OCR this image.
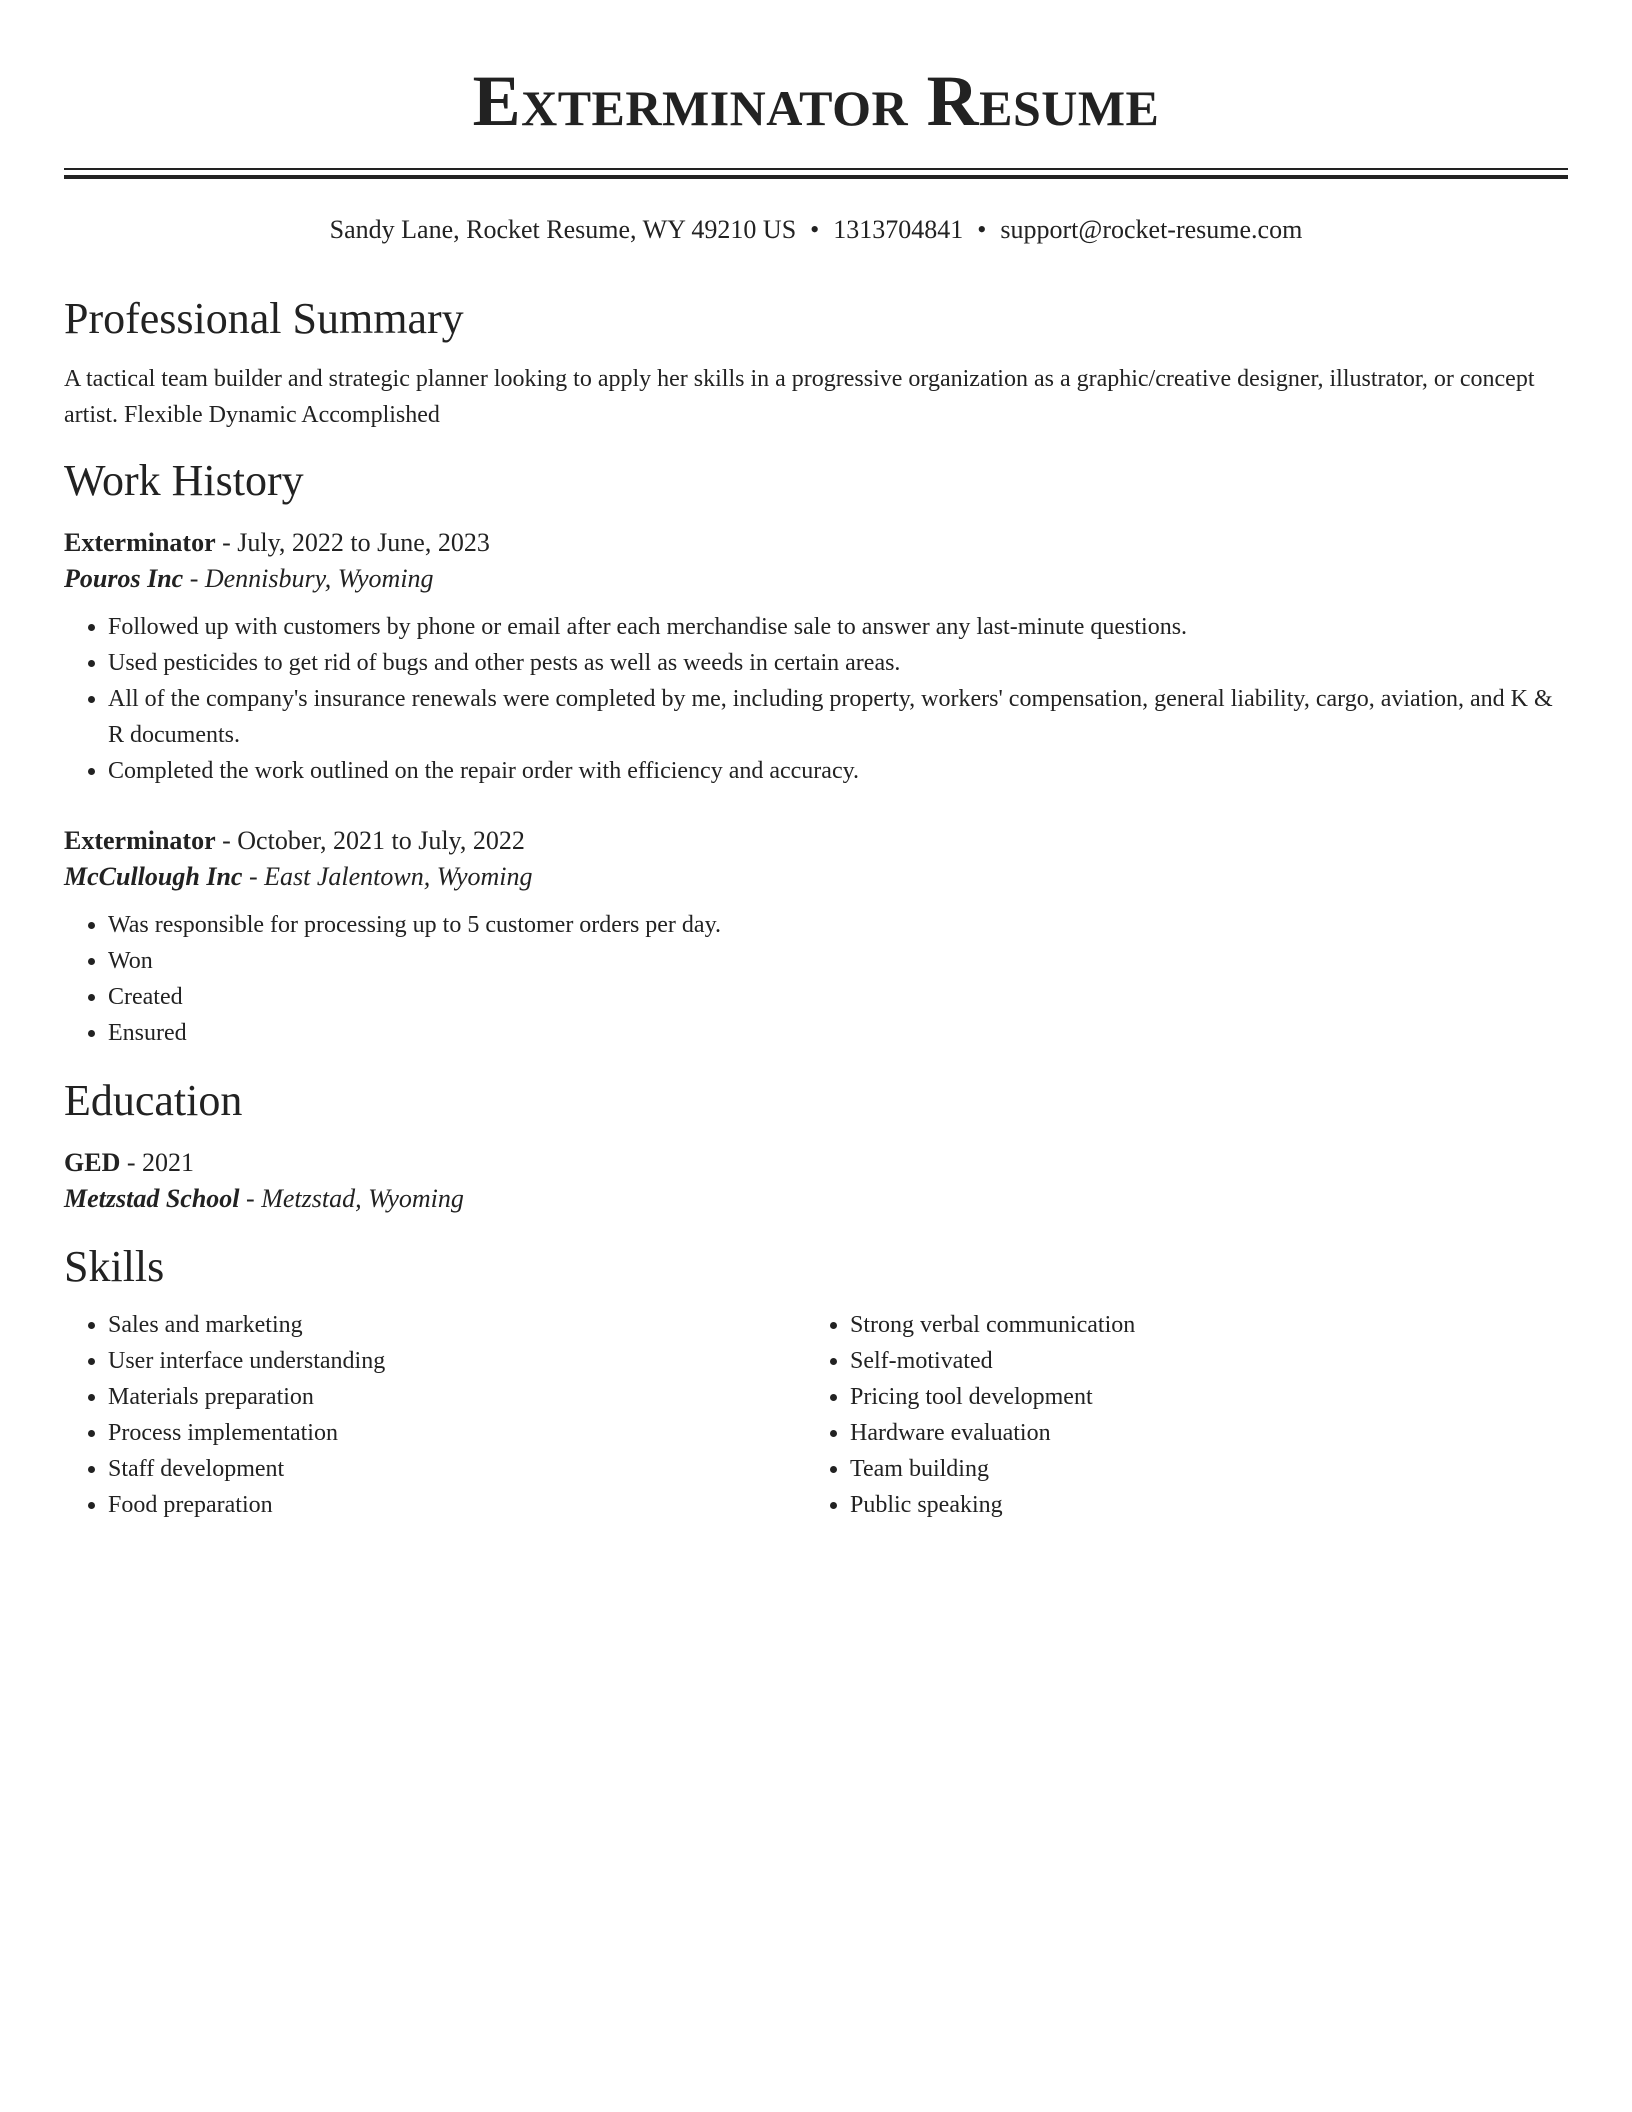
Exterminator Resume
Sandy Lane, Rocket Resume, WY 49210 US • 1313704841 • support@rocket-resume.com
Professional Summary

A tactical team builder and strategic planner looking to apply her skills in a progressive organization as a graphic/creative designer, illustrator, or concept artist. Flexible Dynamic Accomplished

Work History
Exterminator - July, 2022 to June, 2023
Pouros Inc - Dennisbury, Wyoming
• Followed up with customers by phone or email after each merchandise sale to answer any last-minute questions.
• Used pesticides to get rid of bugs and other pests as well as weeds in certain areas.
• All of the company's insurance renewals were completed by me, including property, workers' compensation, general liability, cargo, aviation, and K & R documents.
• Completed the work outlined on the repair order with efficiency and accuracy.
Exterminator - October, 2021 to July, 2022
McCullough Inc - East Jalentown, Wyoming
• Was responsible for processing up to 5 customer orders per day.
• Won
• Created
• Ensured
Education
GED - 2021
Metzstad School - Metzstad, Wyoming
Skills
• Sales and marketing
• User interface understanding
• Materials preparation
• Process implementation
• Staff development
• Food preparation
• Strong verbal communication
• Self-motivated
• Pricing tool development
• Hardware evaluation
• Team building
• Public speaking
